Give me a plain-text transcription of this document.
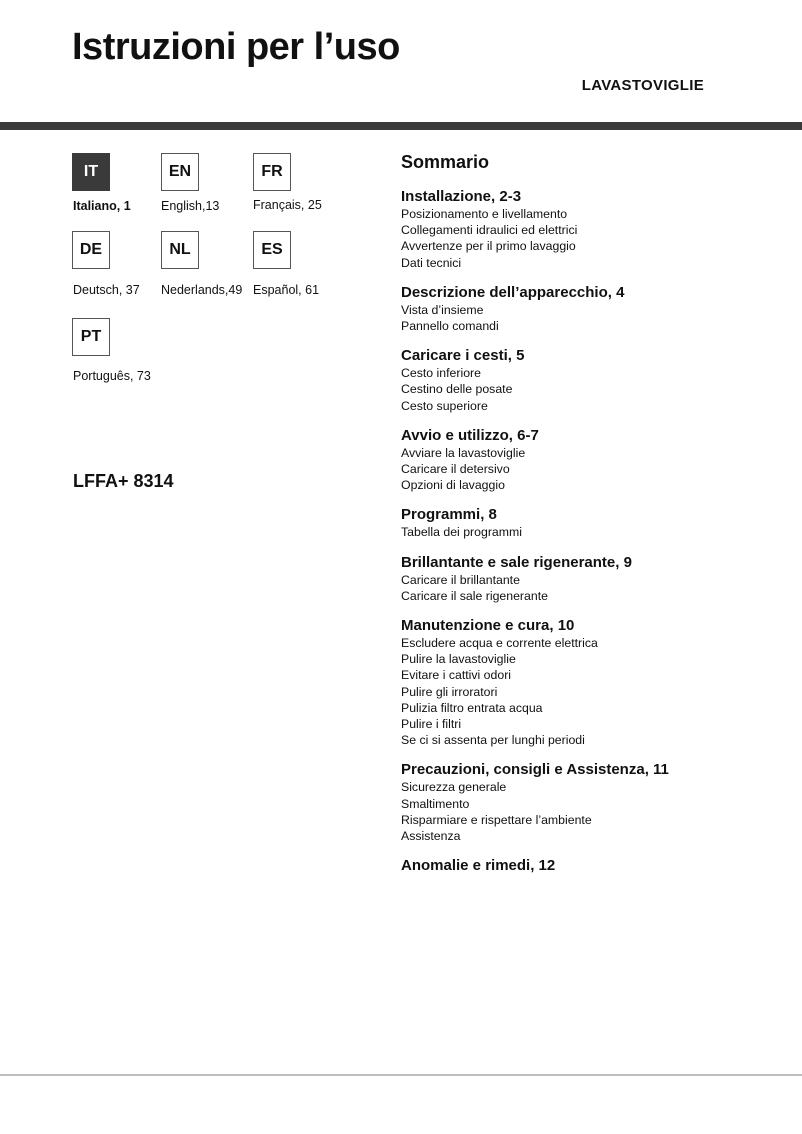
Istruzioni per l’uso
LAVASTOVIGLIE
IT	EN	FR
DE	NL	ES
PT
Italiano, 1 English,13	Français, 25
Deutsch, 37 Nederlands,49 Español, 61
Português, 73
LFFA+ 8314
Sommario
Installazione, 2-3
Posizionamento e livellamento
Collegamenti idraulici ed elettrici
Avvertenze per il primo lavaggio
Dati tecnici
Descrizione dell’apparecchio, 4
Vista d’insieme
Pannello comandi
Caricare i cesti, 5
Cesto inferiore
Cestino delle posate
Cesto superiore
Avvio e utilizzo, 6-7
Avviare la lavastoviglie
Caricare il detersivo
Opzioni di lavaggio
Programmi, 8
Tabella dei programmi
Brillantante e sale rigenerante, 9
Caricare il brillantante
Caricare il sale rigenerante
Manutenzione e cura, 10
Escludere acqua e corrente elettrica
Pulire la lavastoviglie
Evitare i cattivi odori
Pulire gli irroratori
Pulizia filtro entrata acqua
Pulire i filtri
Se ci si assenta per lunghi periodi
Precauzioni, consigli e Assistenza, 11
Sicurezza generale
Smaltimento
Risparmiare e rispettare l’ambiente
Assistenza
Anomalie e rimedi, 12
